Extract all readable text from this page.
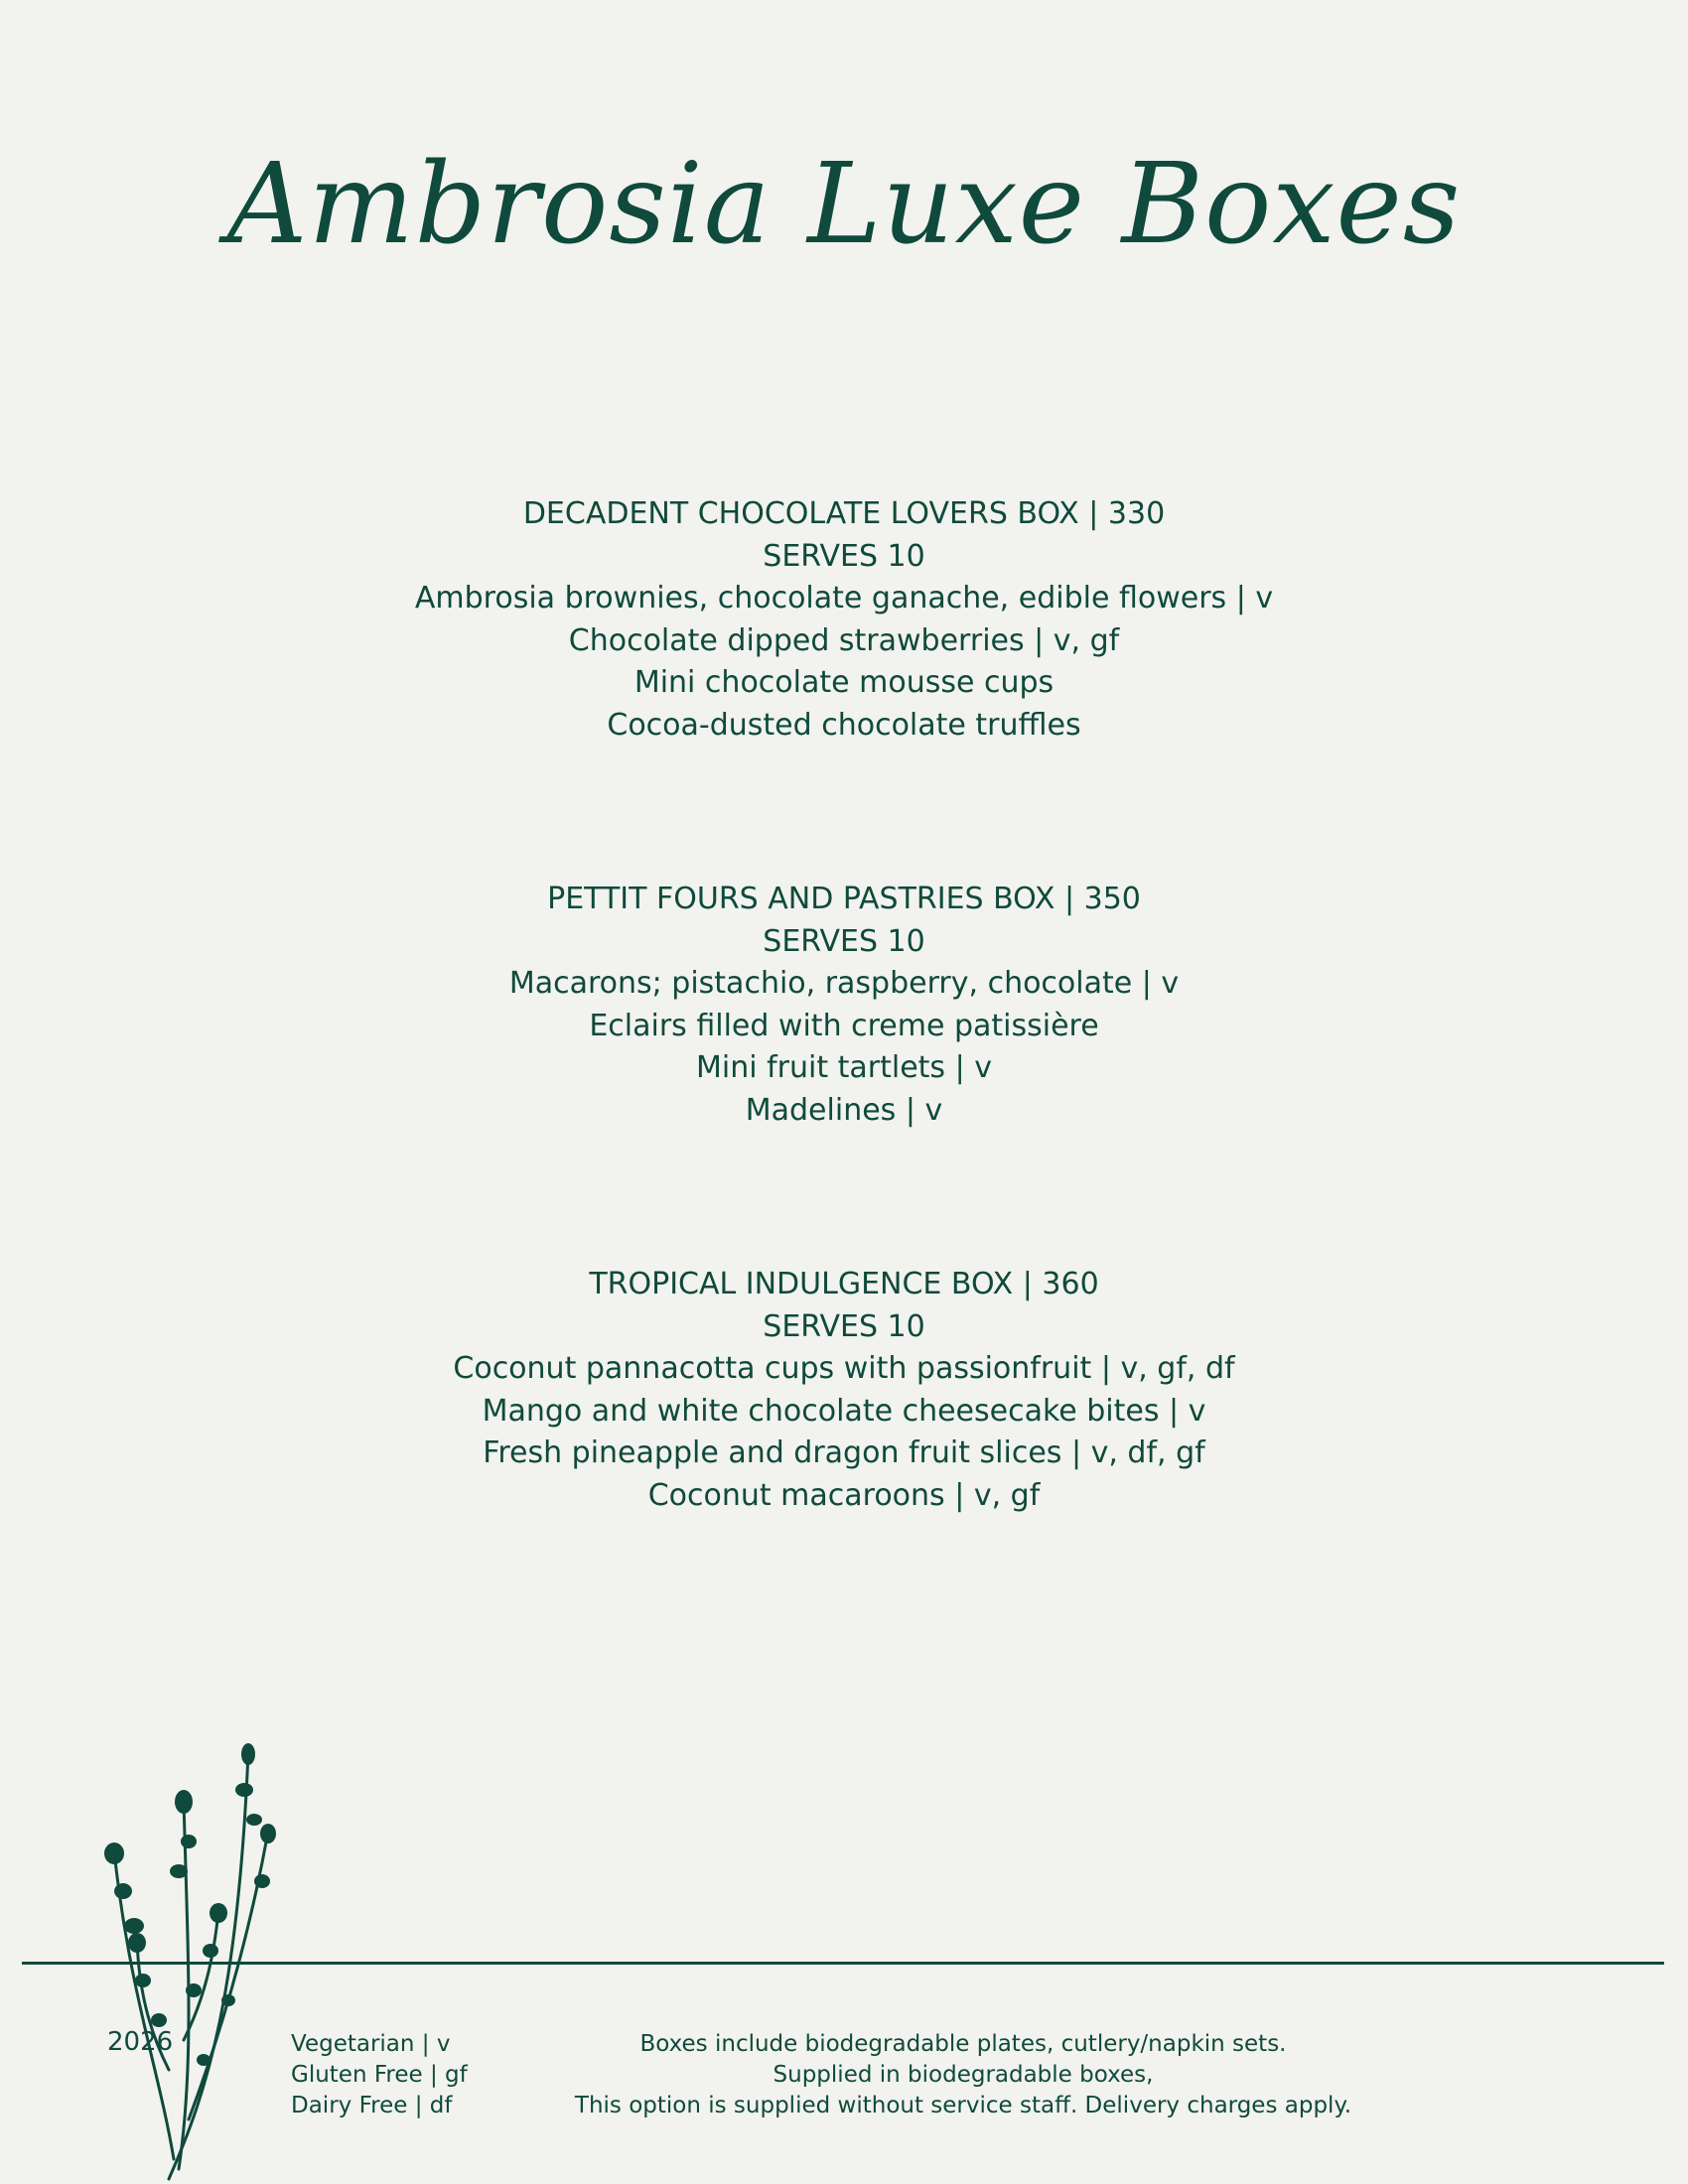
Ambrosia Luxe Boxes
DECADENT CHOCOLATE LOVERS BOX | 330
SERVES 10
Ambrosia brownies, chocolate ganache, edible flowers | v
Chocolate dipped strawberries | v, gf
Mini chocolate mousse cups
Cocoa-dusted chocolate truffles
PETTIT FOURS AND PASTRIES BOX | 350
SERVES 10
Macarons; pistachio, raspberry, chocolate | v
Eclairs filled with creme patissière
Mini fruit tartlets | v
Madelines | v
TROPICAL INDULGENCE BOX | 360
SERVES 10
Coconut pannacotta cups with passionfruit | v, gf, df
Mango and white chocolate cheesecake bites | v
Fresh pineapple and dragon fruit slices | v, df, gf
Coconut macaroons | v, gf
2026	Vegetarian | v
Gluten Free | gf
Dairy Free | df
Boxes include biodegradable plates, cutlery/napkin sets.
Supplied in biodegradable boxes,
This option is supplied without service staff. Delivery charges apply.
